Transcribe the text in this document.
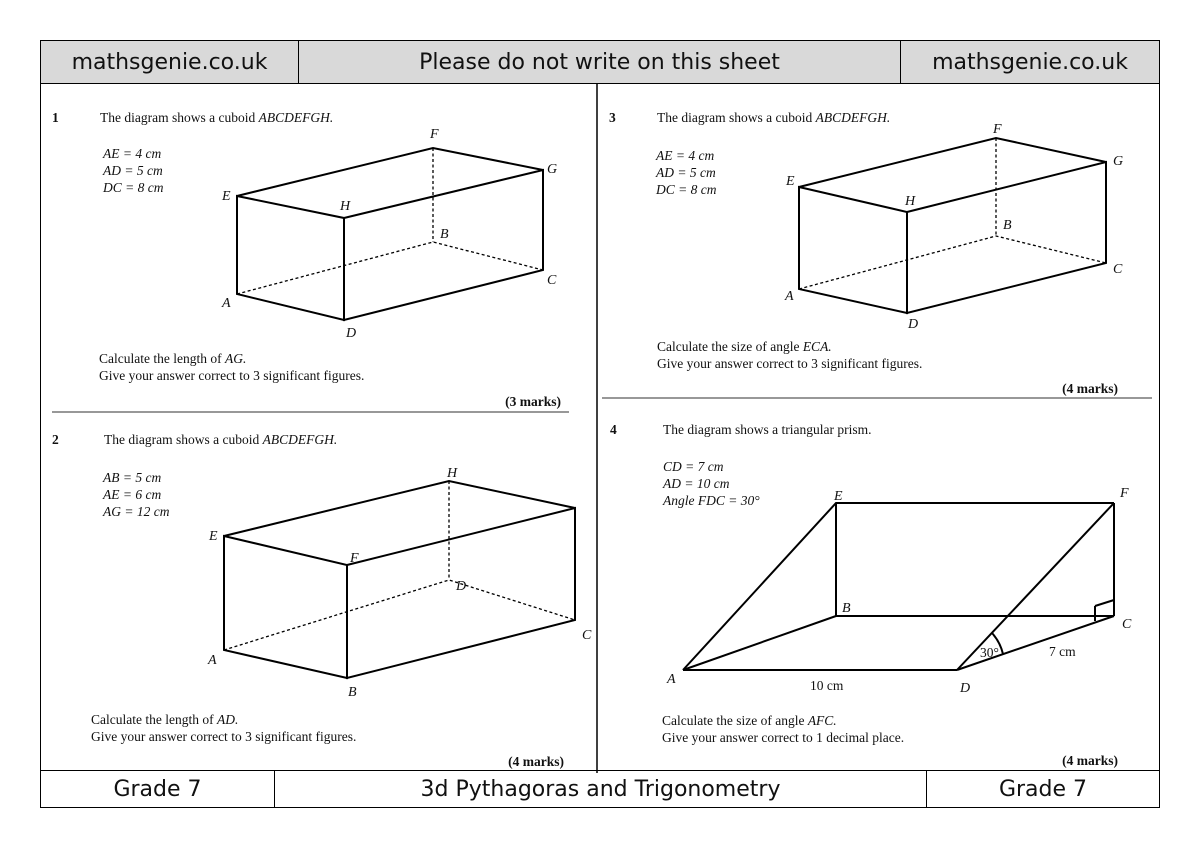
mathsgenie.co.uk	Please do not write on this sheet	mathsgenie.co.uk
Grade 7	3d Pythagoras and Trigonometry	Grade 7
1	The diagram shows a cuboid ABCDEFGH.
AE = 4 cm
AD = 5 cm
DC = 8 cm
A
B
C
D
E
F
G
H
Calculate the length of AG.
Give your answer correct to 3 significant figures.
(3 marks)
2	The diagram shows a cuboid ABCDEFGH.
AB = 5 cm
AE = 6 cm
AG = 12 cm
A
B
C
D
E
F
H
Calculate the length of AD.
Give your answer correct to 3 significant figures.
(4 marks)
3	The diagram shows a cuboid ABCDEFGH.
AE = 4 cm
AD = 5 cm
DC = 8 cm
A
B
C
D
E
F
G
H
Calculate the size of angle ECA.
Give your answer correct to 3 significant figures.
(4 marks)
4	The diagram shows a triangular prism.
CD = 7 cm
AD = 10 cm
Angle FDC = 30°
A
B
C
D
E	F
10 cm
7 cm
30°
Calculate the size of angle AFC.
Give your answer correct to 1 decimal place.
(4 marks)
